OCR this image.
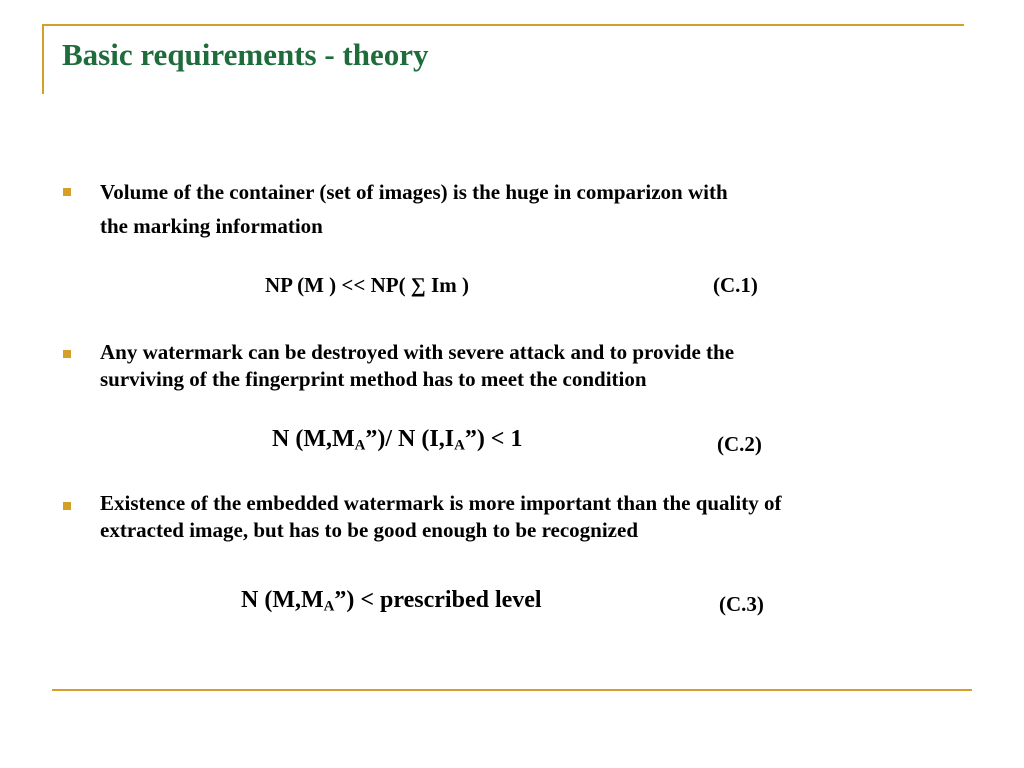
Basic requirements - theory

Volume of the container (set of images) is the huge in comparizon with
the marking information

NP (M ) << NP( ∑ Im )	(C.1)

Any watermark can be destroyed with severe attack and to provide the
surviving of the fingerprint method has to meet the condition

N $(M,M_A”)/$ N $(I,I_A”) < 1$	(C.2)

Existence of the embedded watermark is more important than the quality of
extracted image, but has to be good enough to be recognized

N $(M,M_A”)$ < prescribed level	(C.3)
